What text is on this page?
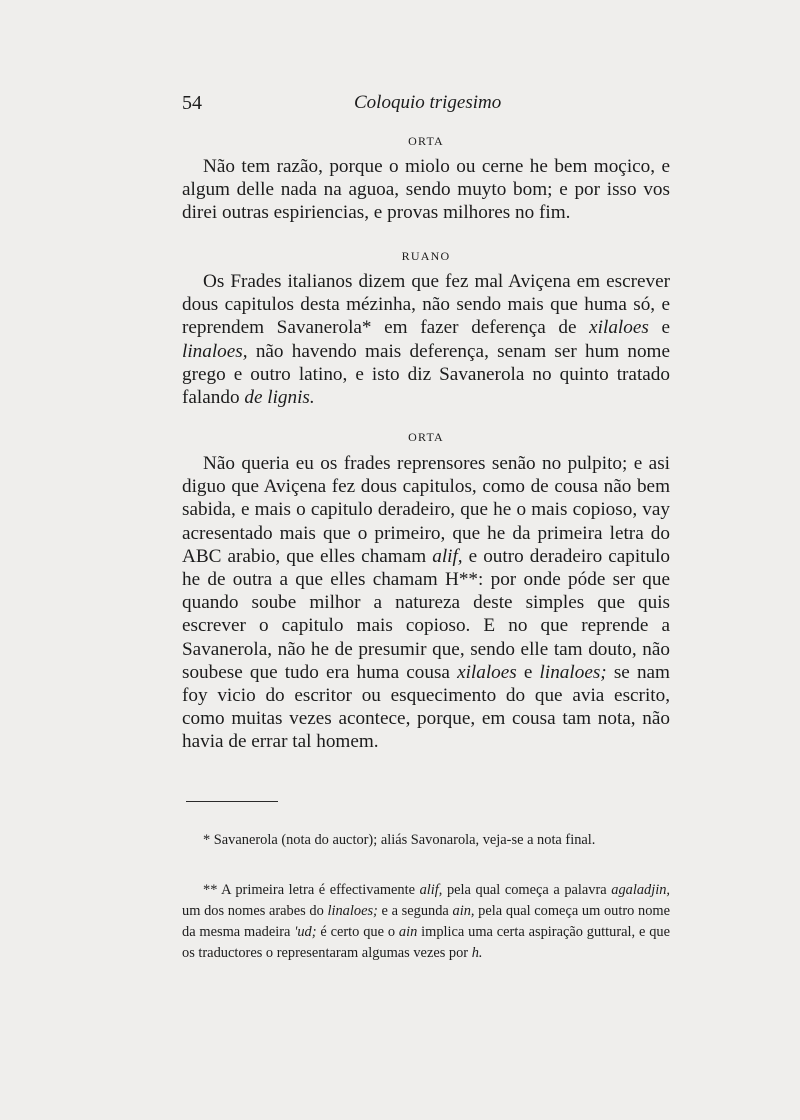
54	Coloquio trigesimo
ORTA

Não tem razão, porque o miolo ou cerne he bem moçico, e algum delle nada na aguoa, sendo muyto bom; e por isso vos direi outras espiriencias, e provas milhores no fim.

RUANO

Os Frades italianos dizem que fez mal Aviçena em escrever dous capitulos desta mézinha, não sendo mais que huma só, e reprendem Savanerola* em fazer deferença de xilaloes e linaloes, não havendo mais deferença, senam ser hum nome grego e outro latino, e isto diz Savanerola no quinto tratado falando de lignis.

ORTA

Não queria eu os frades reprensores senão no pulpito; e asi diguo que Aviçena fez dous capitulos, como de cousa não bem sabida, e mais o capitulo deradeiro, que he o mais copioso, vay acresentado mais que o primeiro, que he da primeira letra do ABC arabio, que elles chamam alif, e outro deradeiro capitulo he de outra a que elles chamam H**: por onde póde ser que quando soube milhor a natureza deste simples que quis escrever o capitulo mais copioso. E no que reprende a Savanerola, não he de presumir que, sendo elle tam douto, não soubese que tudo era huma cousa xilaloes e linaloes; se nam foy vicio do escritor ou esquecimento do que avia escrito, como muitas vezes acontece, porque, em cousa tam nota, não havia de errar tal homem.

* Savanerola (nota do auctor); aliás Savonarola, veja-se a nota final.

** A primeira letra é effectivamente alif, pela qual começa a palavra agaladjin, um dos nomes arabes do linaloes; e a segunda ain, pela qual começa um outro nome da mesma madeira 'ud; é certo que o ain implica uma certa aspiração guttural, e que os traductores o representaram algumas vezes por h.
